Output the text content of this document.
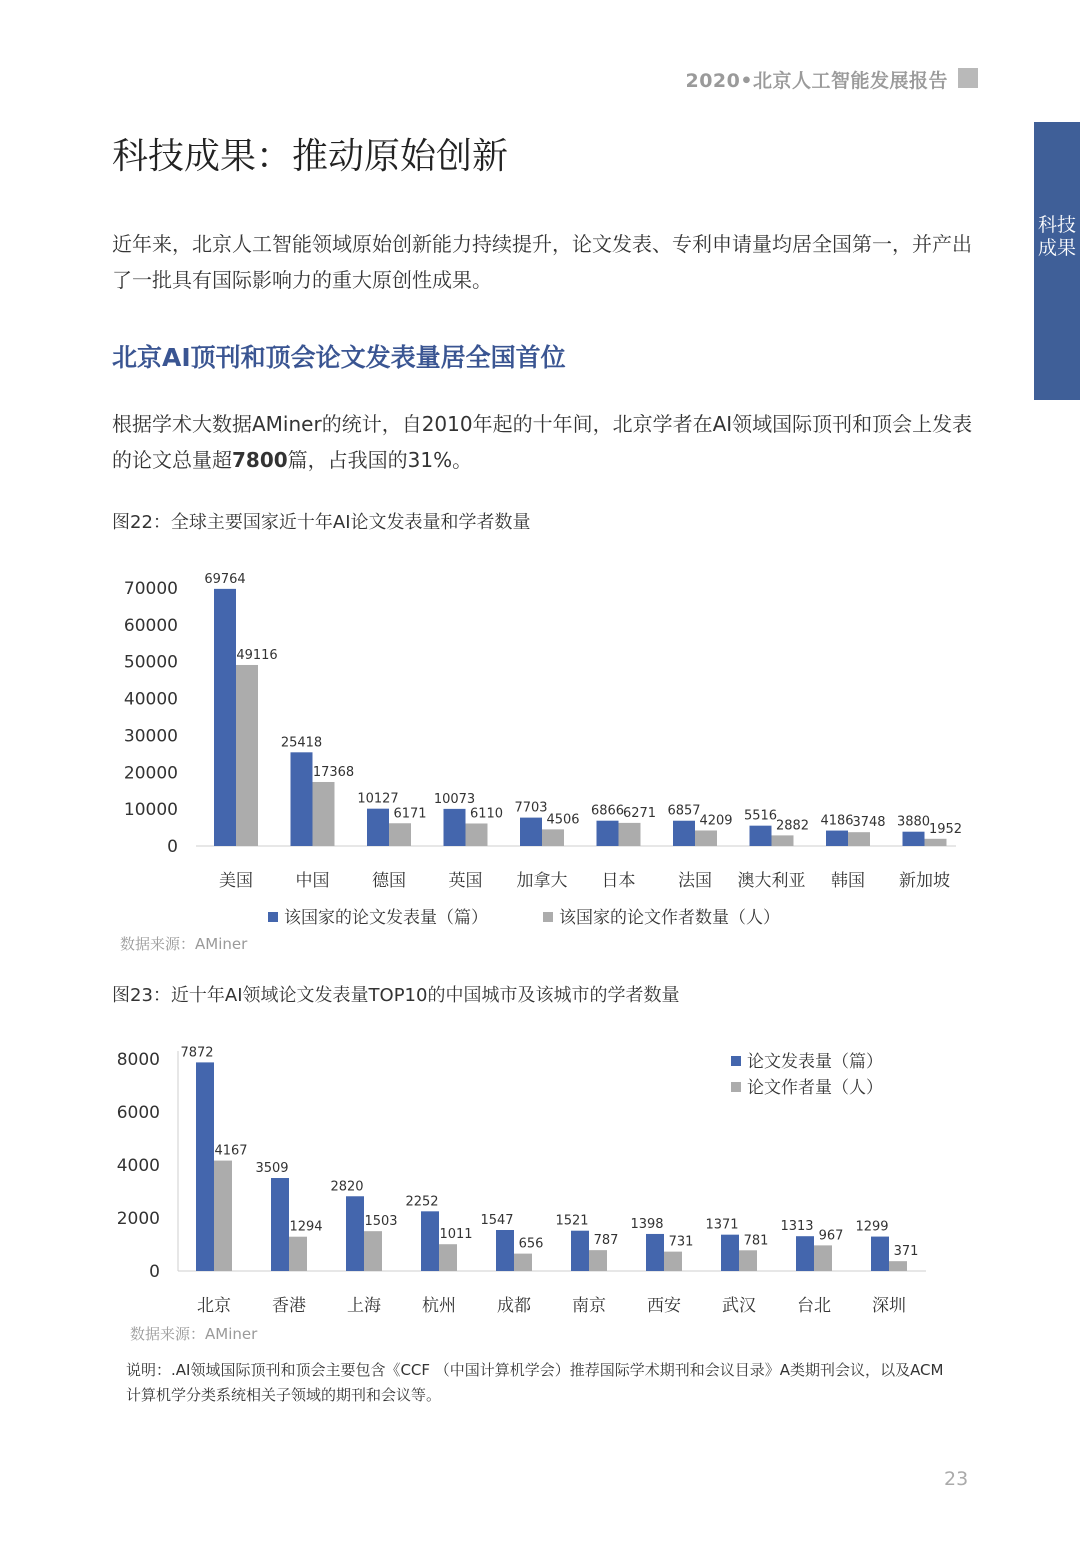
2020•北京人工智能发展报告
科技成果
科技成果：推动原始创新

近年来，北京人工智能领域原始创新能力持续提升，论文发表、专利申请量均居全国第一，并产出了一批具有国际影响力的重大原创性成果。

北京AI顶刊和顶会论文发表量居全国首位

根据学术大数据AMiner的统计，自2010年起的十年间，北京学者在AI领域国际顶刊和顶会上发表的论文总量超7800篇，占我国的31%。

图22：全球主要国家近十年AI论文发表量和学者数量
0
10000
20000
30000
40000
50000
60000
70000 69764
49116
美国
25418
17368
中国
10127
6171
德国
10073
6110
英国
7703
4506
加拿大
6866
6271
日本
6857
4209
法国
5516
2882
澳大利亚
4186
3748
韩国
3880
1952
新加坡
该国家的论文发表量（篇）	该国家的论文作者数量（人）
数据来源：AMiner
图23：近十年AI领域论文发表量TOP10的中国城市及该城市的学者数量
0
2000
4000
6000
8000 7872
4167
北京
3509
1294
香港
2820
1503
上海
2252
1011
杭州
1547
656
成都
1521
787
南京
1398
731
西安
1371
781
武汉
1313
967
台北
1299
371
深圳
论文发表量（篇）
论文作者量（人）
数据来源：AMiner

说明：.AI领域国际顶刊和顶会主要包含《CCF （中国计算机学会）推荐国际学术期刊和会议目录》A类期刊会议，以及ACM计算机学分类系统相关子领域的期刊和会议等。

23
